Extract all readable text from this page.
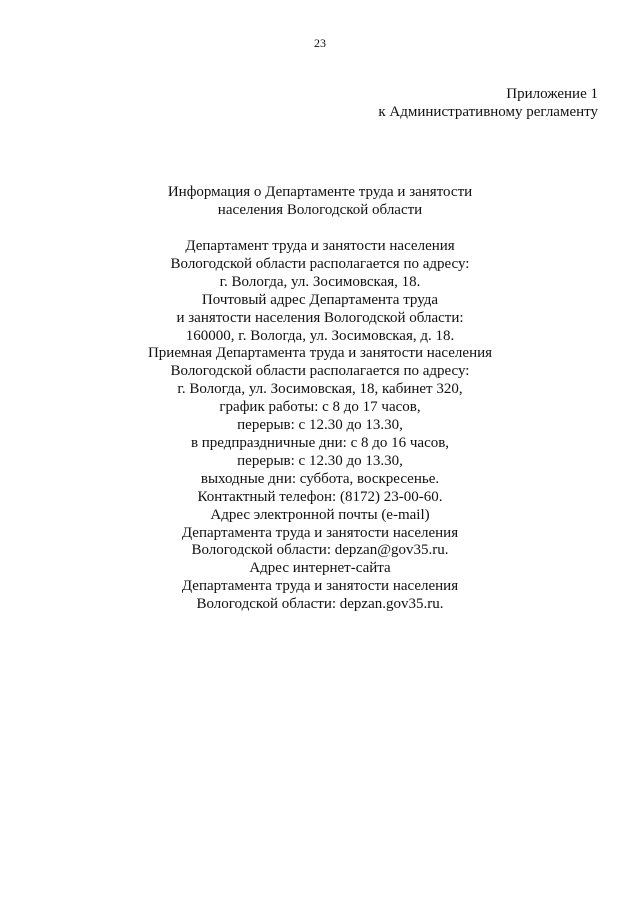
23
Приложение 1
к Административному регламенту
Информация о Департаменте труда и занятости
населения Вологодской области
Департамент труда и занятости населения
Вологодской области располагается по адресу:
г. Вологда, ул. Зосимовская, 18.
Почтовый адрес Департамента труда
и занятости населения Вологодской области:
160000, г. Вологда, ул. Зосимовская, д. 18.
Приемная Департамента труда и занятости населения
Вологодской области располагается по адресу:
г. Вологда, ул. Зосимовская, 18, кабинет 320,
график работы: с 8 до 17 часов,
перерыв: с 12.30 до 13.30,
в предпраздничные дни: с 8 до 16 часов,
перерыв: с 12.30 до 13.30,
выходные дни: суббота, воскресенье.
Контактный телефон: (8172) 23-00-60.
Адрес электронной почты (e-mail)
Департамента труда и занятости населения
Вологодской области: depzan@gov35.ru.
Адрес интернет-сайта
Департамента труда и занятости населения
Вологодской области: depzan.gov35.ru.
